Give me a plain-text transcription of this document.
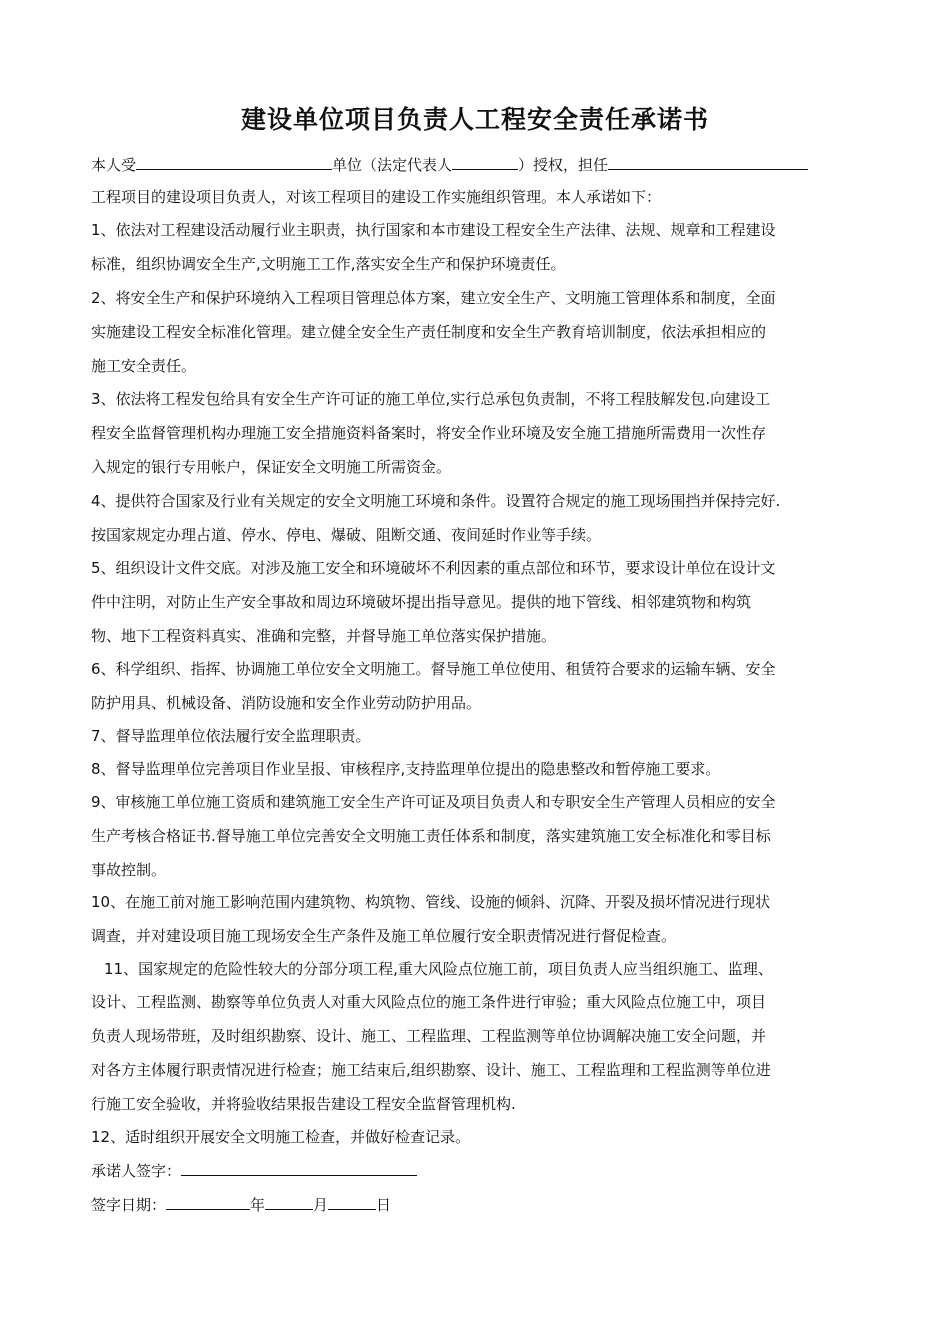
建设单位项目负责人工程安全责任承诺书
本人受	单位（法定代表人	）授权，担任
工程项目的建设项目负责人，对该工程项目的建设工作实施组织管理。本人承诺如下：
1、依法对工程建设活动履行业主职责，执行国家和本市建设工程安全生产法律、法规、规章和工程建设
标准，组织协调安全生产,文明施工工作,落实安全生产和保护环境责任。
2、将安全生产和保护环境纳入工程项目管理总体方案，建立安全生产、文明施工管理体系和制度，全面
实施建设工程安全标准化管理。建立健全安全生产责任制度和安全生产教育培训制度，依法承担相应的
施工安全责任。
3、依法将工程发包给具有安全生产许可证的施工单位,实行总承包负责制，不将工程肢解发包.向建设工
程安全监督管理机构办理施工安全措施资料备案时，将安全作业环境及安全施工措施所需费用一次性存
入规定的银行专用帐户，保证安全文明施工所需资金。
4、提供符合国家及行业有关规定的安全文明施工环境和条件。设置符合规定的施工现场围挡并保持完好.
按国家规定办理占道、停水、停电、爆破、阻断交通、夜间延时作业等手续。
5、组织设计文件交底。对涉及施工安全和环境破坏不利因素的重点部位和环节，要求设计单位在设计文
件中注明，对防止生产安全事故和周边环境破坏提出指导意见。提供的地下管线、相邻建筑物和构筑
物、地下工程资料真实、准确和完整，并督导施工单位落实保护措施。
6、科学组织、指挥、协调施工单位安全文明施工。督导施工单位使用、租赁符合要求的运输车辆、安全
防护用具、机械设备、消防设施和安全作业劳动防护用品。
7、督导监理单位依法履行安全监理职责。
8、督导监理单位完善项目作业呈报、审核程序,支持监理单位提出的隐患整改和暂停施工要求。
9、审核施工单位施工资质和建筑施工安全生产许可证及项目负责人和专职安全生产管理人员相应的安全
生产考核合格证书.督导施工单位完善安全文明施工责任体系和制度，落实建筑施工安全标准化和零目标
事故控制。
10、在施工前对施工影响范围内建筑物、构筑物、管线、设施的倾斜、沉降、开裂及损坏情况进行现状
调查，并对建设项目施工现场安全生产条件及施工单位履行安全职责情况进行督促检查。
11、国家规定的危险性较大的分部分项工程,重大风险点位施工前，项目负责人应当组织施工、监理、
设计、工程监测、勘察等单位负责人对重大风险点位的施工条件进行审验；重大风险点位施工中，项目
负责人现场带班，及时组织勘察、设计、施工、工程监理、工程监测等单位协调解决施工安全问题，并
对各方主体履行职责情况进行检查；施工结束后,组织勘察、设计、施工、工程监理和工程监测等单位进
行施工安全验收，并将验收结果报告建设工程安全监督管理机构.
12、适时组织开展安全文明施工检查，并做好检查记录。
承诺人签字：
签字日期：	年	月	日
